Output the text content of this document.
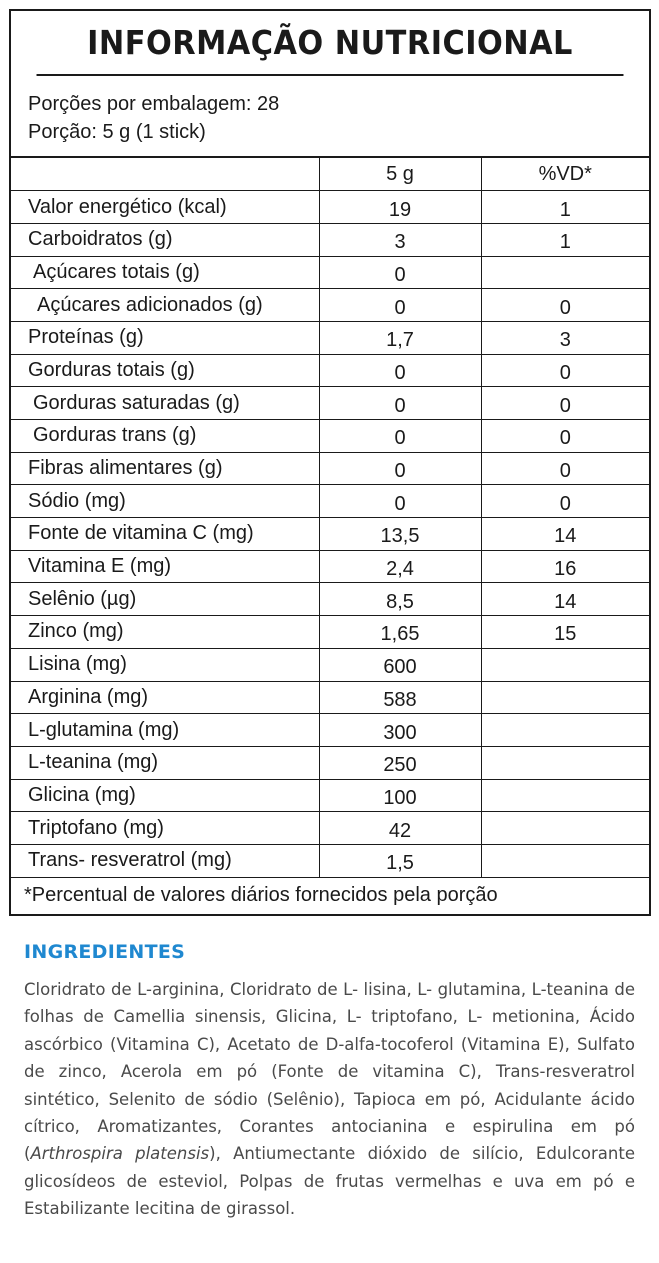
INFORMAÇÃO NUTRICIONAL
Porções por embalagem: 28
Porção: 5 g (1 stick)
	5 g	%VD*
Valor energético (kcal)	19	1
Carboidratos (g)	3	1
Açúcares totais (g)	0	
Açúcares adicionados (g)	0	0
Proteínas (g)	1,7	3
Gorduras totais (g)	0	0
Gorduras saturadas (g)	0	0
Gorduras trans (g)	0	0
Fibras alimentares (g)	0	0
Sódio (mg)	0	0
Fonte de vitamina C (mg)	13,5	14
Vitamina E (mg)	2,4	16
Selênio (µg)	8,5	14
Zinco (mg)	1,65	15
Lisina (mg)	600	
Arginina (mg)	588	
L-glutamina (mg)	300	
L-teanina (mg)	250	
Glicina (mg)	100	
Triptofano (mg)	42	
Trans- resveratrol (mg)	1,5	
*Percentual de valores diários fornecidos pela porção
INGREDIENTES
Cloridrato de L-arginina, Cloridrato de L- lisina, L- glutamina, L-teanina de folhas de Camellia sinensis, Glicina, L- triptofano, L- metionina, Ácido ascórbico (Vitamina C), Acetato de D-alfa-tocoferol (Vitamina E), Sulfato de zinco, Acerola em pó (Fonte de vitamina C), Trans-resveratrol sintético, Selenito de sódio (Selênio), Tapioca em pó, Acidulante ácido cítrico, Aromatizantes, Corantes antocianina e espirulina em pó (Arthrospira platensis), Antiumectante dióxido de silício, Edulcorante glicosídeos de esteviol, Polpas de frutas vermelhas e uva em pó e Estabilizante lecitina de girassol.
